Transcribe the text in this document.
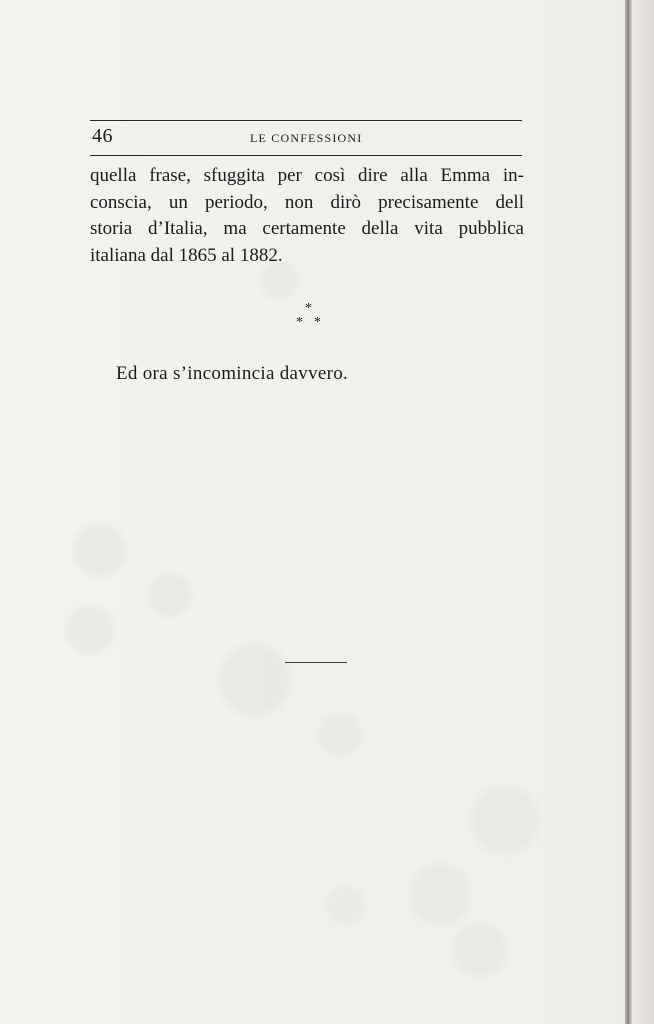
46	LE CONFESSIONI
quella frase, sfuggita per così dire alla Emma in-
conscia, un periodo, non dirò precisamente dell
storia d’Italia, ma certamente della vita pubblica
italiana dal 1865 al 1882.
*
* *
Ed ora s’incomincia davvero.
